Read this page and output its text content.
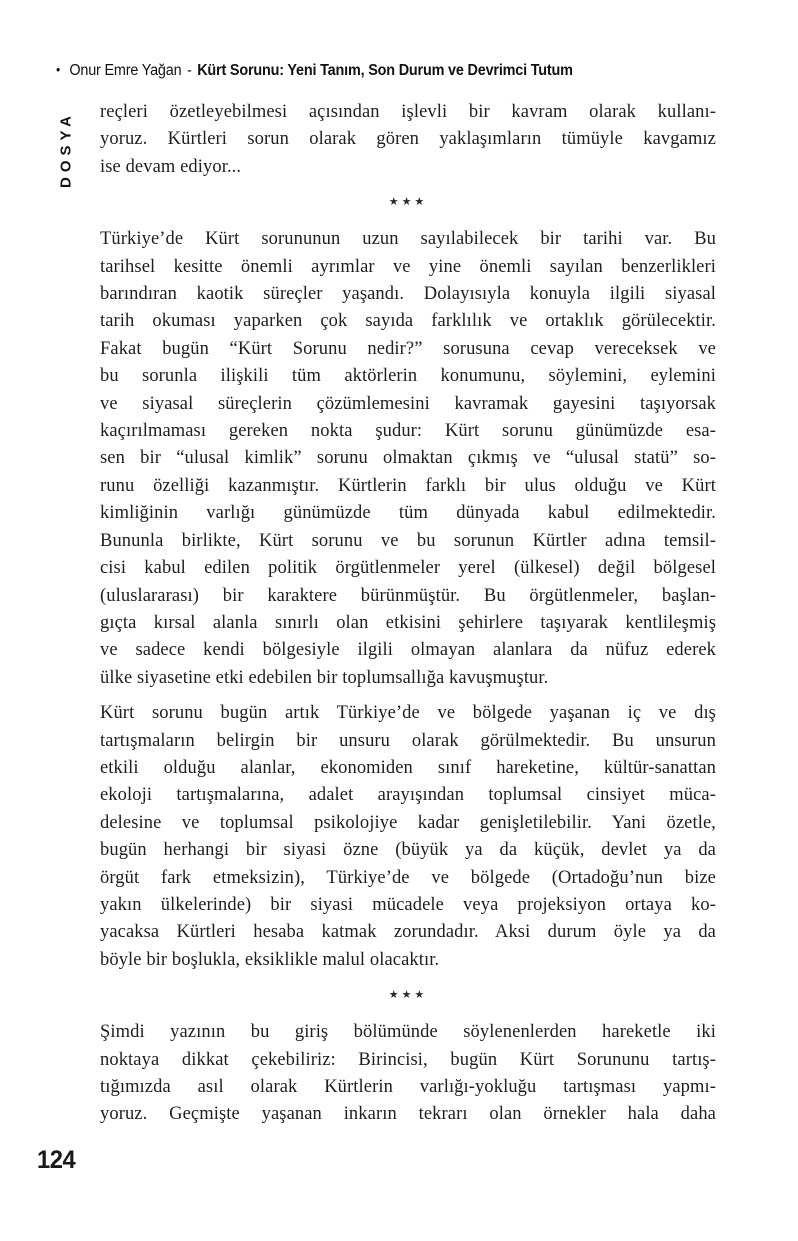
• Onur Emre Yağan - Kürt Sorunu: Yeni Tanım, Son Durum ve Devrimci Tutum
DOSYA reçleri özetleyebilmesi açısından işlevli bir kavram olarak kullanı-
yoruz. Kürtleri sorun olarak gören yaklaşımların tümüyle kavgamız
ise devam ediyor...
★★★
Türkiye’de Kürt sorununun uzun sayılabilecek bir tarihi var. Bu
tarihsel kesitte önemli ayrımlar ve yine önemli sayılan benzerlikleri
barındıran kaotik süreçler yaşandı. Dolayısıyla konuyla ilgili siyasal
tarih okuması yaparken çok sayıda farklılık ve ortaklık görülecektir.
Fakat bugün “Kürt Sorunu nedir?” sorusuna cevap vereceksek ve
bu sorunla ilişkili tüm aktörlerin konumunu, söylemini, eylemini
ve siyasal süreçlerin çözümlemesini kavramak gayesini taşıyorsak
kaçırılmaması gereken nokta şudur: Kürt sorunu günümüzde esa-
sen bir “ulusal kimlik” sorunu olmaktan çıkmış ve “ulusal statü” so-
runu özelliği kazanmıştır. Kürtlerin farklı bir ulus olduğu ve Kürt
kimliğinin varlığı günümüzde tüm dünyada kabul edilmektedir.
Bununla birlikte, Kürt sorunu ve bu sorunun Kürtler adına temsil-
cisi kabul edilen politik örgütlenmeler yerel (ülkesel) değil bölgesel
(uluslararası) bir karaktere bürünmüştür. Bu örgütlenmeler, başlan-
gıçta kırsal alanla sınırlı olan etkisini şehirlere taşıyarak kentlileşmiş
ve sadece kendi bölgesiyle ilgili olmayan alanlara da nüfuz ederek
ülke siyasetine etki edebilen bir toplumsallığa kavuşmuştur.
Kürt sorunu bugün artık Türkiye’de ve bölgede yaşanan iç ve dış
tartışmaların belirgin bir unsuru olarak görülmektedir. Bu unsurun
etkili olduğu alanlar, ekonomiden sınıf hareketine, kültür-sanattan
ekoloji tartışmalarına, adalet arayışından toplumsal cinsiyet müca-
delesine ve toplumsal psikolojiye kadar genişletilebilir. Yani özetle,
bugün herhangi bir siyasi özne (büyük ya da küçük, devlet ya da
örgüt fark etmeksizin), Türkiye’de ve bölgede (Ortadoğu’nun bize
yakın ülkelerinde) bir siyasi mücadele veya projeksiyon ortaya ko-
yacaksa Kürtleri hesaba katmak zorundadır. Aksi durum öyle ya da
böyle bir boşlukla, eksiklikle malul olacaktır.
★★★
Şimdi yazının bu giriş bölümünde söylenenlerden hareketle iki
noktaya dikkat çekebiliriz: Birincisi, bugün Kürt Sorununu tartış-
tığımızda asıl olarak Kürtlerin varlığı-yokluğu tartışması yapmı-
yoruz. Geçmişte yaşanan inkarın tekrarı olan örnekler hala daha
124
